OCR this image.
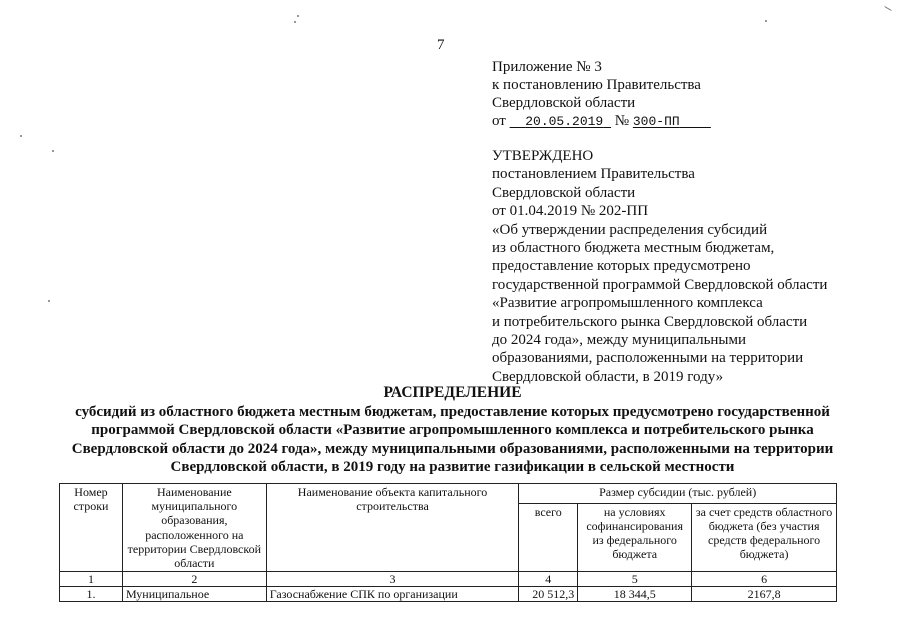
7
Приложение № 3
к постановлению Правительства
Свердловской области
от 20.05.2019 № 300-ПП
УТВЕРЖДЕНО
постановлением Правительства
Свердловской области
от 01.04.2019 № 202-ПП
«Об утверждении распределения субсидий
из областного бюджета местным бюджетам,
предоставление которых предусмотрено
государственной программой Свердловской области
«Развитие агропромышленного комплекса
и потребительского рынка Свердловской области
до 2024 года», между муниципальными
образованиями, расположенными на территории
Свердловской области, в 2019 году»
РАСПРЕДЕЛЕНИЕ
субсидий из областного бюджета местным бюджетам, предоставление которых предусмотрено государственной
программой Свердловской области «Развитие агропромышленного комплекса и потребительского рынка
Свердловской области до 2024 года», между муниципальными образованиями, расположенными на территории
Свердловской области, в 2019 году на развитие газификации в сельской местности
Номер строки	Наименование муниципального образования, расположенного на территории Свердловской области	Наименование объекта капитального строительства	Размер субсидии (тыс. рублей)		
			всего	на условиях софинансирования из федерального бюджета	за счет средств областного бюджета (без участия средств федерального бюджета)
1	2	3	4	5	6
1.	Муниципальное	Газоснабжение СПК по организации	20 512,3	18 344,5	2167,8
